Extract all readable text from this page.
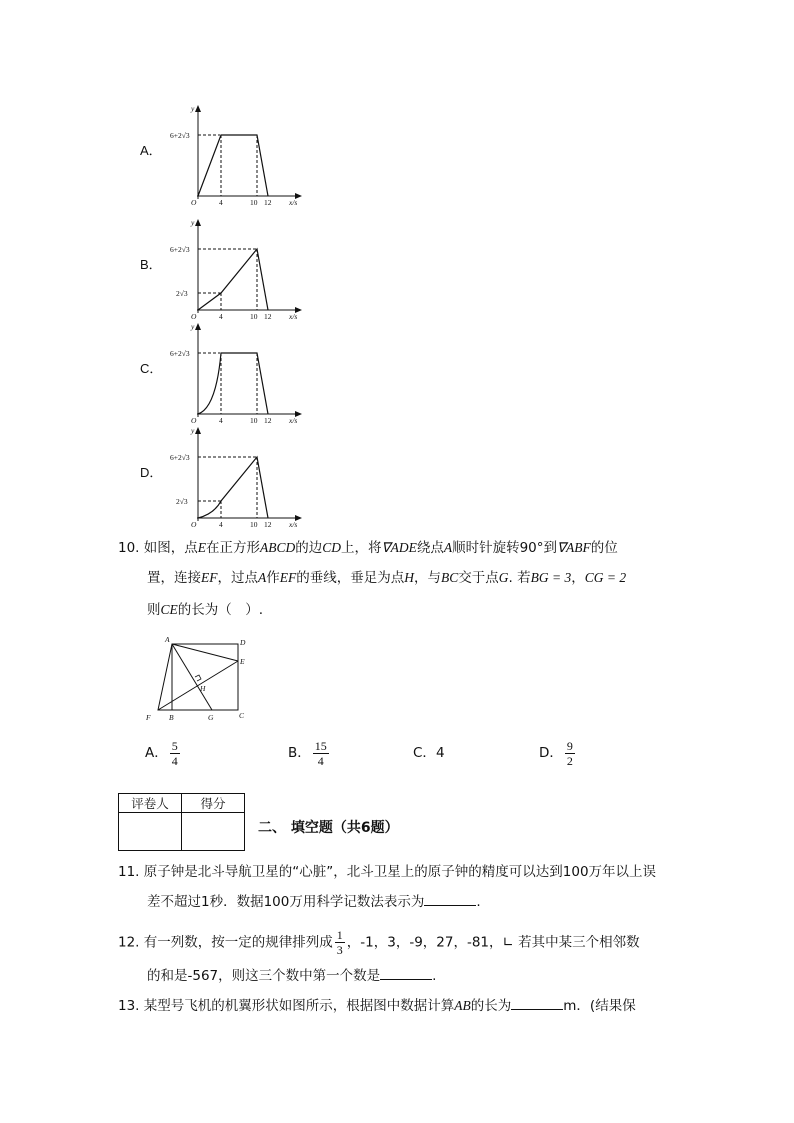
A．
y
6+2√3
O	4	10 12 x/s
B．
y
6+2√3
2√3
O	4	10 12 x/s
C．
y
6+2√3
O	4	10 12 x/s
D．
y
6+2√3
2√3
O	4	10 12 x/s
10. 如图，点E在正方形ABCD的边CD上，将∇ADE绕点A顺时针旋转90°到∇ABF的位
置，连接EF，过点A作EF的垂线，垂足为点H，与BC交于点G. 若BG = 3，CG = 2
则CE的长为（　）.
A	D
E
H
F B	G	C
A． $\frac{5}{4}$	B． $\frac{15}{4}$	C．4	D． $\frac{9}{2}$
评卷人	得分

二、 填空题（共6题）
11. 原子钟是北斗导航卫星的“心脏”，北斗卫星上的原子钟的精度可以达到100万年以上误
差不超过1秒．数据100万用科学记数法表示为	.
12. 有一列数，按一定的规律排列成 $\frac{1}{3}$ ，-1，3，-9，27，-81，∟ 若其中某三个相邻数
的和是-567，则这三个数中第一个数是	.
13. 某型号飞机的机翼形状如图所示，根据图中数据计算AB的长为	m．(结果保
